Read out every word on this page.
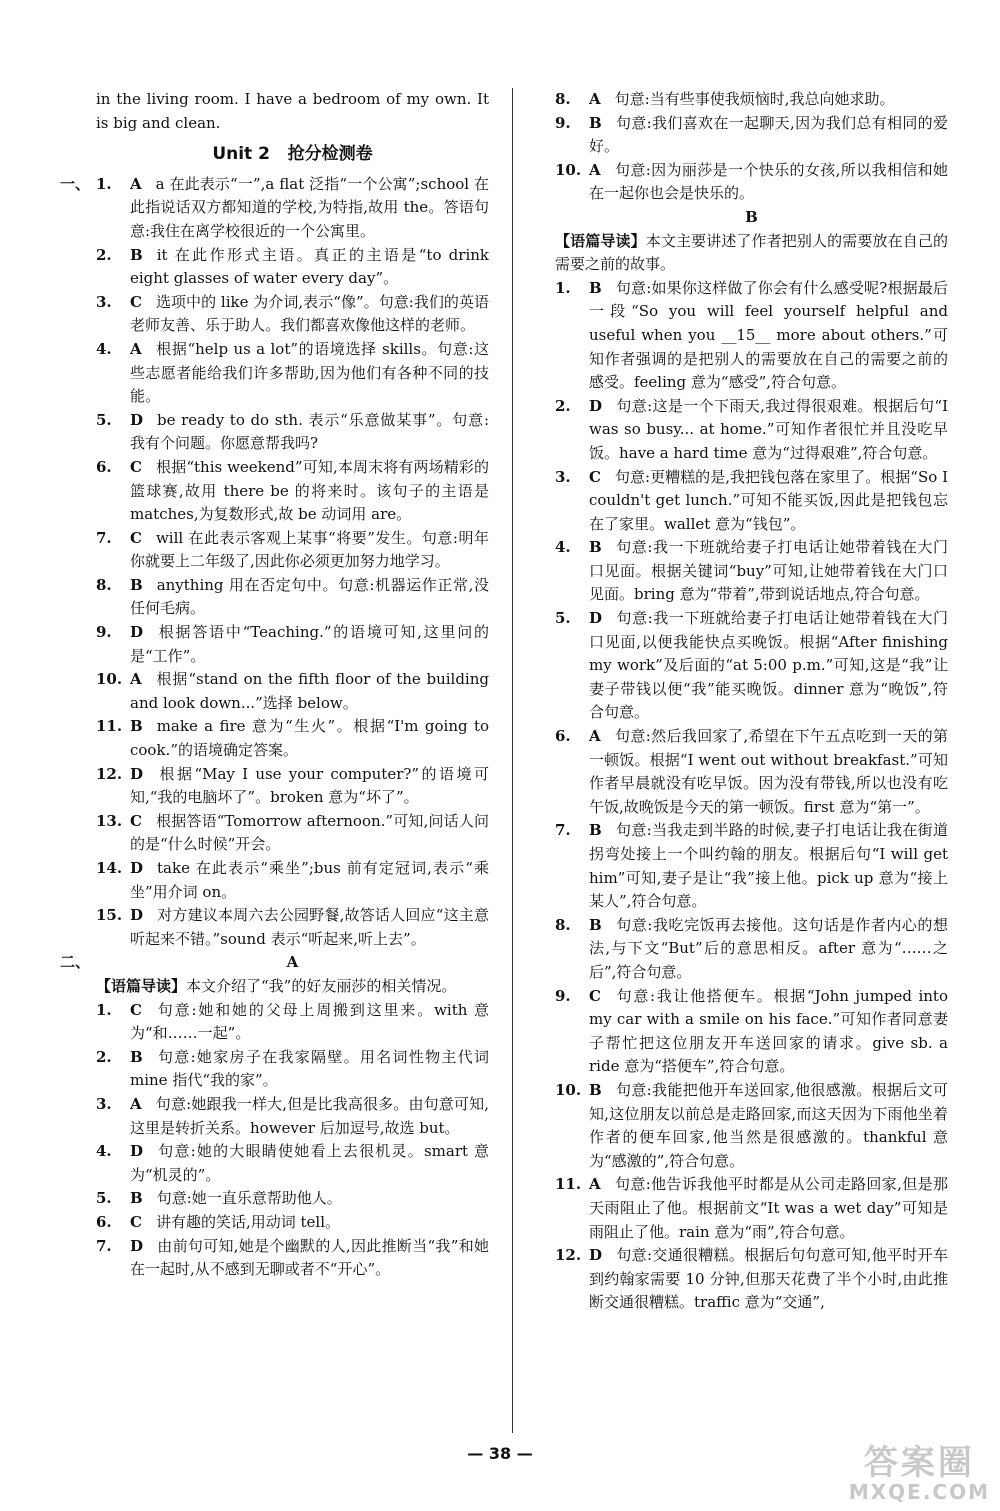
in the living room. I have a bedroom of my own. It is big and clean.

Unit 2 抢分检测卷
一、 1.	A a 在此表示“一”,a flat 泛指“一个公寓”;school 在此指说话双方都知道的学校,为特指,故用 the。答语句意:我住在离学校很近的一个公寓里。

2.	B it 在此作形式主语。真正的主语是“to drink eight glasses of water every day”。

3.	C 选项中的 like 为介词,表示“像”。句意:我们的英语老师友善、乐于助人。我们都喜欢像他这样的老师。

4.	A 根据“help us a lot”的语境选择 skills。句意:这些志愿者能给我们许多帮助,因为他们有各种不同的技能。

5.	D be ready to do sth. 表示“乐意做某事”。句意:我有个问题。你愿意帮我吗?

6.	C 根据“this weekend”可知,本周末将有两场精彩的篮球赛,故用 there be 的将来时。该句子的主语是 matches,为复数形式,故 be 动词用 are。

7.	C will 在此表示客观上某事“将要”发生。句意:明年你就要上二年级了,因此你必须更加努力地学习。

8.	B anything 用在否定句中。句意:机器运作正常,没任何毛病。

9.	D 根据答语中“Teaching.”的语境可知,这里问的是“工作”。

10. A 根据“stand on the fifth floor of the building and look down...”选择 below。

11. B make a fire 意为“生火”。根据“I'm going to cook.”的语境确定答案。

12. D 根据“May I use your computer?”的语境可知,“我的电脑坏了”。broken 意为“坏了”。

13. C 根据答语“Tomorrow afternoon.”可知,问话人问的是“什么时候”开会。

14. D take 在此表示“乘坐”;bus 前有定冠词,表示“乘坐”用介词 on。

15. D 对方建议本周六去公园野餐,故答话人回应“这主意听起来不错。”sound 表示“听起来,听上去”。

二、	A

【语篇导读】本文介绍了“我”的好友丽莎的相关情况。

1.	C 句意:她和她的父母上周搬到这里来。with 意为“和……一起”。

2.	B 句意:她家房子在我家隔壁。用名词性物主代词 mine 指代“我的家”。

3.	A 句意:她跟我一样大,但是比我高很多。由句意可知,这里是转折关系。however 后加逗号,故选 but。

4.	D 句意:她的大眼睛使她看上去很机灵。smart 意为“机灵的”。

5.	B 句意:她一直乐意帮助他人。

6.	C 讲有趣的笑话,用动词 tell。

7.	D 由前句可知,她是个幽默的人,因此推断当“我”和她在一起时,从不感到无聊或者不“开心”。

8.	A 句意:当有些事使我烦恼时,我总向她求助。

9.	B 句意:我们喜欢在一起聊天,因为我们总有相同的爱好。

10. A 句意:因为丽莎是一个快乐的女孩,所以我相信和她在一起你也会是快乐的。

B

【语篇导读】本文主要讲述了作者把别人的需要放在自己的需要之前的故事。

1.	B 句意:如果你这样做了你会有什么感受呢?根据最后一段“So you will feel yourself helpful and useful when you __15__ more about others.”可知作者强调的是把别人的需要放在自己的需要之前的感受。feeling 意为“感受”,符合句意。

2.	D 句意:这是一个下雨天,我过得很艰难。根据后句“I was so busy... at home.”可知作者很忙并且没吃早饭。have a hard time 意为“过得艰难”,符合句意。

3.	C 句意:更糟糕的是,我把钱包落在家里了。根据“So I couldn't get lunch.”可知不能买饭,因此是把钱包忘在了家里。wallet 意为“钱包”。

4.	B 句意:我一下班就给妻子打电话让她带着钱在大门口见面。根据关键词“buy”可知,让她带着钱在大门口见面。bring 意为“带着”,带到说话地点,符合句意。

5.	D 句意:我一下班就给妻子打电话让她带着钱在大门口见面,以便我能快点买晚饭。根据“After finishing my work”及后面的“at 5:00 p.m.”可知,这是“我”让妻子带钱以便“我”能买晚饭。dinner 意为“晚饭”,符合句意。

6.	A 句意:然后我回家了,希望在下午五点吃到一天的第一顿饭。根据“I went out without breakfast.”可知作者早晨就没有吃早饭。因为没有带钱,所以也没有吃午饭,故晚饭是今天的第一顿饭。first 意为“第一”。

7.	B 句意:当我走到半路的时候,妻子打电话让我在街道拐弯处接上一个叫约翰的朋友。根据后句“I will get him”可知,妻子是让“我”接上他。pick up 意为“接上某人”,符合句意。

8.	B 句意:我吃完饭再去接他。这句话是作者内心的想法,与下文“But”后的意思相反。after 意为“……之后”,符合句意。

9.	C 句意:我让他搭便车。根据“John jumped into my car with a smile on his face.”可知作者同意妻子帮忙把这位朋友开车送回家的请求。give sb. a ride 意为“搭便车”,符合句意。

10. B 句意:我能把他开车送回家,他很感激。根据后文可知,这位朋友以前总是走路回家,而这天因为下雨他坐着作者的便车回家,他当然是很感激的。thankful 意为“感激的”,符合句意。

11. A 句意:他告诉我他平时都是从公司走路回家,但是那天雨阻止了他。根据前文“It was a wet day”可知是雨阻止了他。rain 意为“雨”,符合句意。

12. D 句意:交通很糟糕。根据后句句意可知,他平时开车到约翰家需要 10 分钟,但那天花费了半个小时,由此推断交通很糟糕。traffic 意为“交通”,

— 38 —	答案圈
MXQE.COM
